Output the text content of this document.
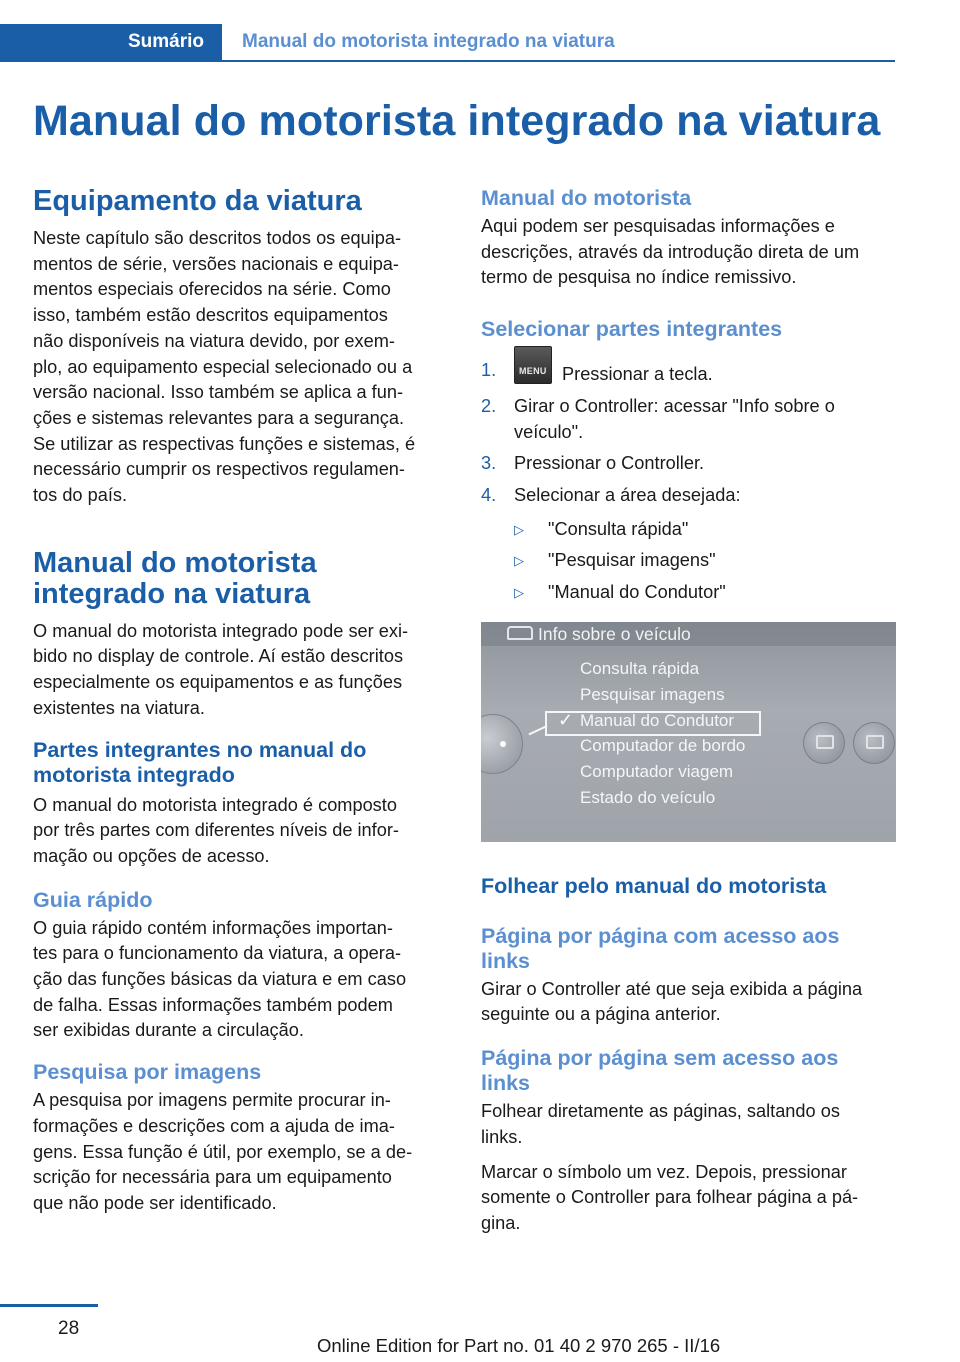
Sumário Manual do motorista integrado na viatura
Manual do motorista integrado na viatura
Equipamento da viatura
Neste capítulo são descritos todos os equipa‐
mentos de série, versões nacionais e equipa‐
mentos especiais oferecidos na série. Como
isso, também estão descritos equipamentos
não disponíveis na viatura devido, por exem‐
plo, ao equipamento especial selecionado ou a
versão nacional. Isso também se aplica a fun‐
ções e sistemas relevantes para a segurança.
Se utilizar as respectivas funções e sistemas, é
necessário cumprir os respectivos regulamen‐
tos do país.
Manual do motorista
integrado na viatura
O manual do motorista integrado pode ser exi‐
bido no display de controle. Aí estão descritos
especialmente os equipamentos e as funções
existentes na viatura.
Partes integrantes no manual do
motorista integrado
O manual do motorista integrado é composto
por três partes com diferentes níveis de infor‐
mação ou opções de acesso.
Guia rápido
O guia rápido contém informações importan‐
tes para o funcionamento da viatura, a opera‐
ção das funções básicas da viatura e em caso
de falha. Essas informações também podem
ser exibidas durante a circulação.
Pesquisa por imagens
A pesquisa por imagens permite procurar in‐
formações e descrições com a ajuda de ima‐
gens. Essa função é útil, por exemplo, se a de‐
scrição for necessária para um equipamento
que não pode ser identificado.
Manual do motorista
Aqui podem ser pesquisadas informações e
descrições, através da introdução direta de um
termo de pesquisa no índice remissivo.
Selecionar partes integrantes
1.	MENU Pressionar a tecla.
2. Girar o Controller: acessar "Info sobre o veículo".
3. Pressionar o Controller.
4. Selecionar a área desejada:
▷ "Consulta rápida"
▷ "Pesquisar imagens"
▷ "Manual do Condutor"
Info sobre o veículo
Consulta rápida
Pesquisar imagens
✓ Manual do Condutor
Computador de bordo
Computador viagem
Estado do veículo
Folhear pelo manual do motorista
Página por página com acesso aos
links
Girar o Controller até que seja exibida a página
seguinte ou a página anterior.
Página por página sem acesso aos
links
Folhear diretamente as páginas, saltando os
links.
Marcar o símbolo um vez. Depois, pressionar
somente o Controller para folhear página a pá‐
gina.
28
Online Edition for Part no. 01 40 2 970 265 - II/16
